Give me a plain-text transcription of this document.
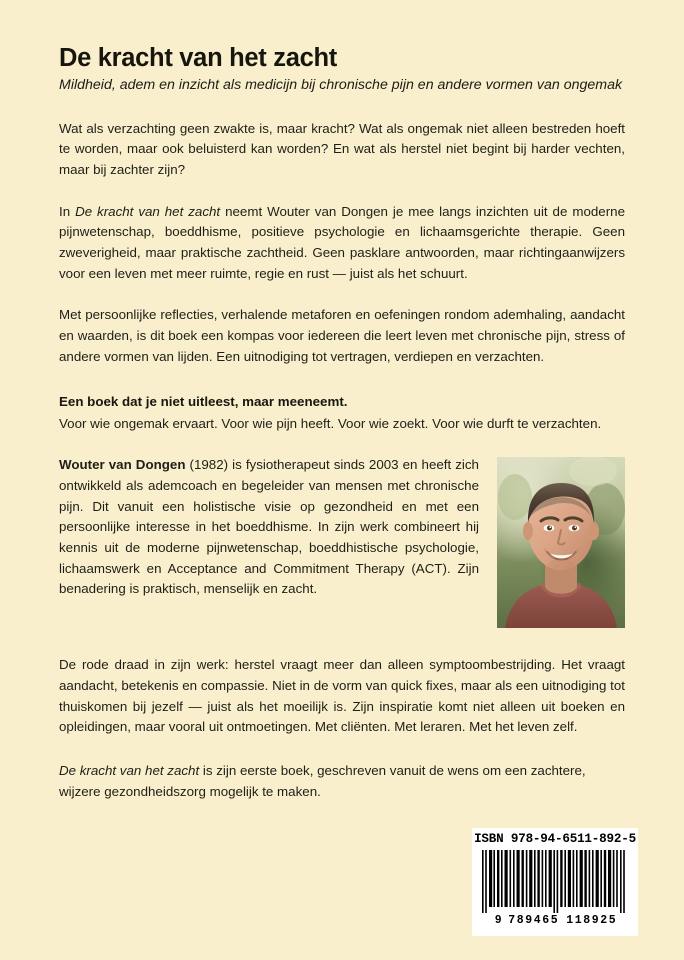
De kracht van het zacht
Mildheid, adem en inzicht als medicijn bij chronische pijn en andere vormen van ongemak

Wat als verzachting geen zwakte is, maar kracht? Wat als ongemak niet alleen bestreden hoeft te worden, maar ook beluisterd kan worden? En wat als herstel niet begint bij harder vechten, maar bij zachter zijn?

In De kracht van het zacht neemt Wouter van Dongen je mee langs inzichten uit de moderne pijnwetenschap, boeddhisme, positieve psychologie en lichaamsgerichte therapie. Geen zweverigheid, maar praktische zachtheid. Geen pasklare antwoorden, maar richtingaanwijzers voor een leven met meer ruimte, regie en rust — juist als het schuurt.

Met persoonlijke reflecties, verhalende metaforen en oefeningen rondom ademhaling, aandacht en waarden, is dit boek een kompas voor iedereen die leert leven met chronische pijn, stress of andere vormen van lijden. Een uitnodiging tot vertragen, verdiepen en verzachten.

Een boek dat je niet uitleest, maar meeneemt.

Voor wie ongemak ervaart. Voor wie pijn heeft. Voor wie zoekt. Voor wie durft te verzachten.

Wouter van Dongen (1982) is fysiotherapeut sinds 2003 en heeft zich ontwikkeld als ademcoach en begeleider van mensen met chronische pijn. Dit vanuit een holistische visie op gezondheid en met een persoonlijke interesse in het boeddhisme. In zijn werk combineert hij kennis uit de moderne pijnwetenschap, boeddhistische psychologie, lichaamswerk en Acceptance and Commitment Therapy (ACT). Zijn benadering is praktisch, menselijk en zacht.

De rode draad in zijn werk: herstel vraagt meer dan alleen symptoombestrijding. Het vraagt aandacht, betekenis en compassie. Niet in de vorm van quick fixes, maar als een uitnodiging tot thuiskomen bij jezelf — juist als het moeilijk is. Zijn inspiratie komt niet alleen uit boeken en opleidingen, maar vooral uit ontmoetingen. Met cliënten. Met leraren. Met het leven zelf.

De kracht van het zacht is zijn eerste boek, geschreven vanuit de wens om een zachtere, wijzere gezondheidszorg mogelijk te maken.

ISBN 978-94-6511-892-5
9 789465 118925
